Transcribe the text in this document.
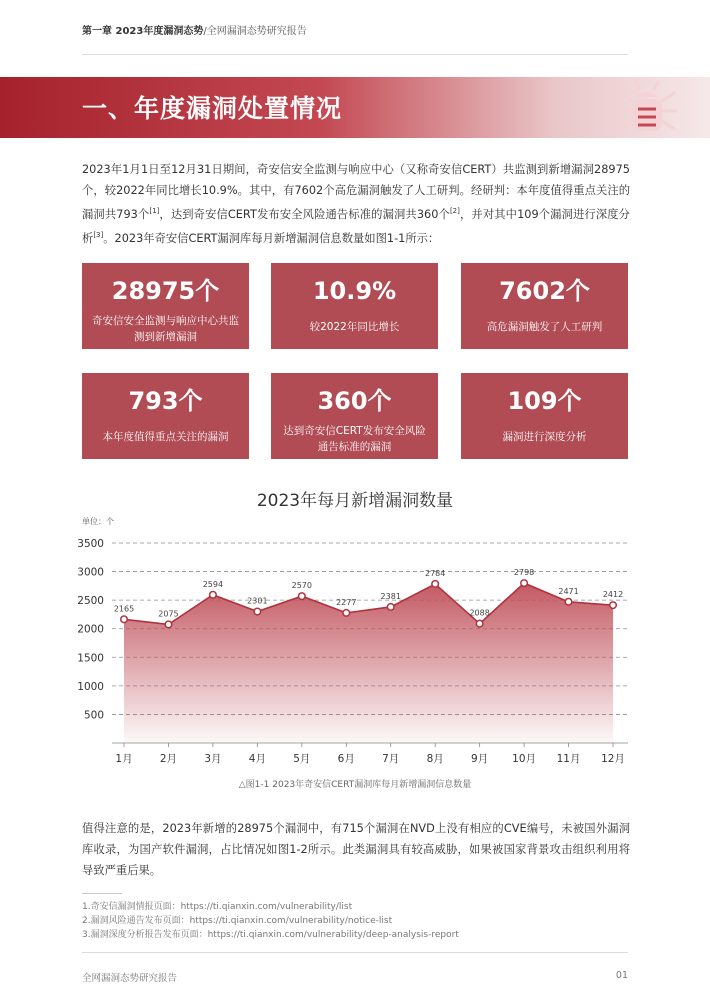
第一章 2023年度漏洞态势/全网漏洞态势研究报告
一、年度漏洞处置情况
2023年1月1日至12月31日期间，奇安信安全监测与响应中心（又称奇安信CERT）共监测到新增漏洞28975个，较2022年同比增长10.9%。其中，有7602个高危漏洞触发了人工研判。经研判：本年度值得重点关注的漏洞共793个[1]，达到奇安信CERT发布安全风险通告标准的漏洞共360个[2]，并对其中109个漏洞进行深度分析[3]。2023年奇安信CERT漏洞库每月新增漏洞信息数量如图1-1所示：
28975个
奇安信安全监测与响应中心共监测到新增漏洞
10.9%
较2022年同比增长
7602个
高危漏洞触发了人工研判
793个
本年度值得重点关注的漏洞
360个
达到奇安信CERT发布安全风险通告标准的漏洞
109个
漏洞进行深度分析
2023年每月新增漏洞数量
单位：个
500
1000
1500
2000
2500
3000
3500
2165
1月
2075
2月
2594
3月
2301
4月
2570
5月
2277
6月
2381
7月
2784
8月
2088
9月
2798
10月
2471
11月
2412
12月
△图1-1 2023年奇安信CERT漏洞库每月新增漏洞信息数量
值得注意的是，2023年新增的28975个漏洞中，有715个漏洞在NVD上没有相应的CVE编号，未被国外漏洞库收录，为国产软件漏洞，占比情况如图1-2所示。此类漏洞具有较高威胁，如果被国家背景攻击组织利用将导致严重后果。
1.奇安信漏洞情报页面：https://ti.qianxin.com/vulnerability/list
2.漏洞风险通告发布页面：https://ti.qianxin.com/vulnerability/notice-list
3.漏洞深度分析报告发布页面：https://ti.qianxin.com/vulnerability/deep-analysis-report
全网漏洞态势研究报告	01
